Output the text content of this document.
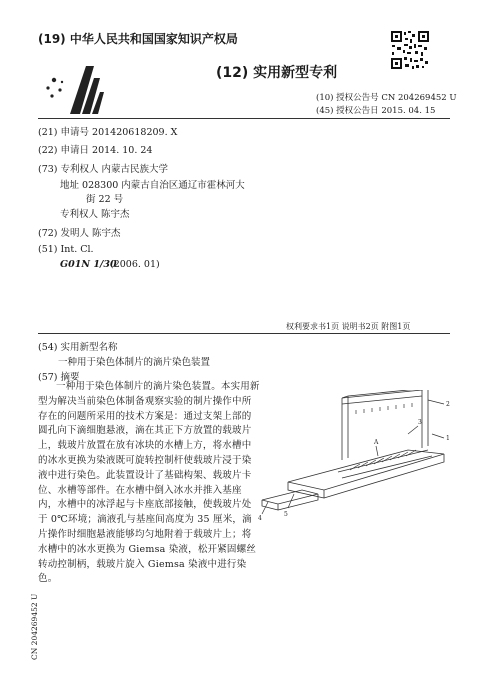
(19) 中华人民共和国国家知识产权局
(12) 实用新型专利
(10) 授权公告号 CN 204269452 U
(45) 授权公告日 2015. 04. 15
(21) 申请号 201420618209. X
(22) 申请日 2014. 10. 24
(73) 专利权人 内蒙古民族大学
地址 028300 内蒙古自治区通辽市霍林河大
街 22 号
专利权人 陈宇杰
(72) 发明人 陈宇杰
(51) Int. Cl.
G01N 1/30
(2006. 01)
权利要求书1页 说明书2页 附图1页
(54) 实用新型名称
一种用于染色体制片的滴片染色装置
(57) 摘要
一种用于染色体制片的滴片染色装置。本实用新型为解决当前染色体制备观察实验的制片操作中所存在的问题所采用的技术方案是：通过支架上部的圆孔向下滴细胞悬液，滴在其正下方放置的载玻片上，载玻片放置在放有冰块的水槽上方，将水槽中的冰水更换为染液既可旋转控制杆使载玻片浸于染液中进行染色。此装置设计了基础构架、载玻片卡位、水槽等部件。在水槽中倒入冰水并推入基座内，水槽中的冰浮起与卡座底部接触，使载玻片处于 0℃环境；滴液孔与基座间高度为 35 厘米，滴片操作时细胞悬液能够均匀地附着于载玻片上；将水槽中的冰水更换为 Giemsa 染液，松开紧固螺丝转动控制柄，载玻片旋入 Giemsa 染液中进行染色。
1
2
3
4
5
A
CN 204269452 U
